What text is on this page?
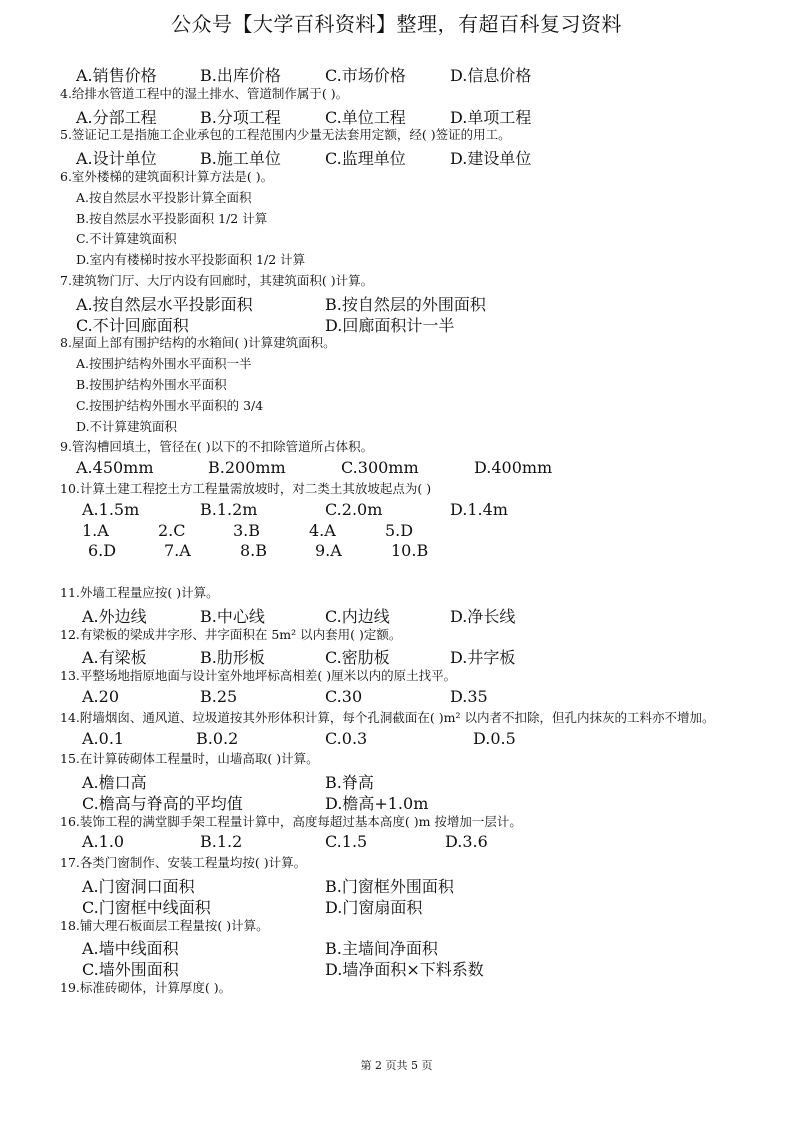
公众号【大学百科资料】整理，有超百科复习资料
A.销售价格	B.出库价格	C.市场价格	D.信息价格
4.给排水管道工程中的湿土排水、管道制作属于( )。
A.分部工程	B.分项工程	C.单位工程	D.单项工程
5.签证记工是指施工企业承包的工程范围内少量无法套用定额，经( )签证的用工。
A.设计单位	B.施工单位	C.监理单位	D.建设单位
6.室外楼梯的建筑面积计算方法是( )。
A.按自然层水平投影计算全面积
B.按自然层水平投影面积 1/2 计算
C.不计算建筑面积
D.室内有楼梯时按水平投影面积 1/2 计算
7.建筑物门厅、大厅内设有回廊时，其建筑面积( )计算。
A.按自然层水平投影面积	B.按自然层的外围面积
C.不计回廊面积	D.回廊面积计一半
8.屋面上部有围护结构的水箱间( )计算建筑面积。
A.按围护结构外围水平面积一半
B.按围护结构外围水平面积
C.按围护结构外围水平面积的 3/4
D.不计算建筑面积
9.管沟槽回填土，管径在( )以下的不扣除管道所占体积。
A.450mm	B.200mm	C.300mm	D.400mm
10.计算土建工程挖土方工程量需放坡时，对二类土其放坡起点为( )
A.1.5m	B.1.2m	C.2.0m	D.1.4m
1.A	2.C	3.B	4.A	5.D
6.D	7.A	8.B	9.A	10.B
11.外墙工程量应按( )计算。
A.外边线	B.中心线	C.内边线	D.净长线
12.有梁板的梁成井字形、井字面积在 5m² 以内套用( )定额。
A.有梁板	B.肋形板	C.密肋板	D.井字板
13.平整场地指原地面与设计室外地坪标高相差( )厘米以内的原土找平。
A.20	B.25	C.30	D.35
14.附墙烟囱、通风道、垃圾道按其外形体积计算，每个孔洞截面在( )m² 以内者不扣除，但孔内抹灰的工料亦不增加。
A.0.1	B.0.2	C.0.3	D.0.5
15.在计算砖砌体工程量时，山墙高取( )计算。
A.檐口高	B.脊高
C.檐高与脊高的平均值	D.檐高+1.0m
16.装饰工程的满堂脚手架工程量计算中，高度每超过基本高度( )m 按增加一层计。
A.1.0	B.1.2	C.1.5	D.3.6
17.各类门窗制作、安装工程量均按( )计算。
A.门窗洞口面积	B.门窗框外围面积
C.门窗框中线面积	D.门窗扇面积
18.铺大理石板面层工程量按( )计算。
A.墙中线面积	B.主墙间净面积
C.墙外围面积	D.墙净面积×下料系数
19.标准砖砌体，计算厚度( )。
第 2 页共 5 页
